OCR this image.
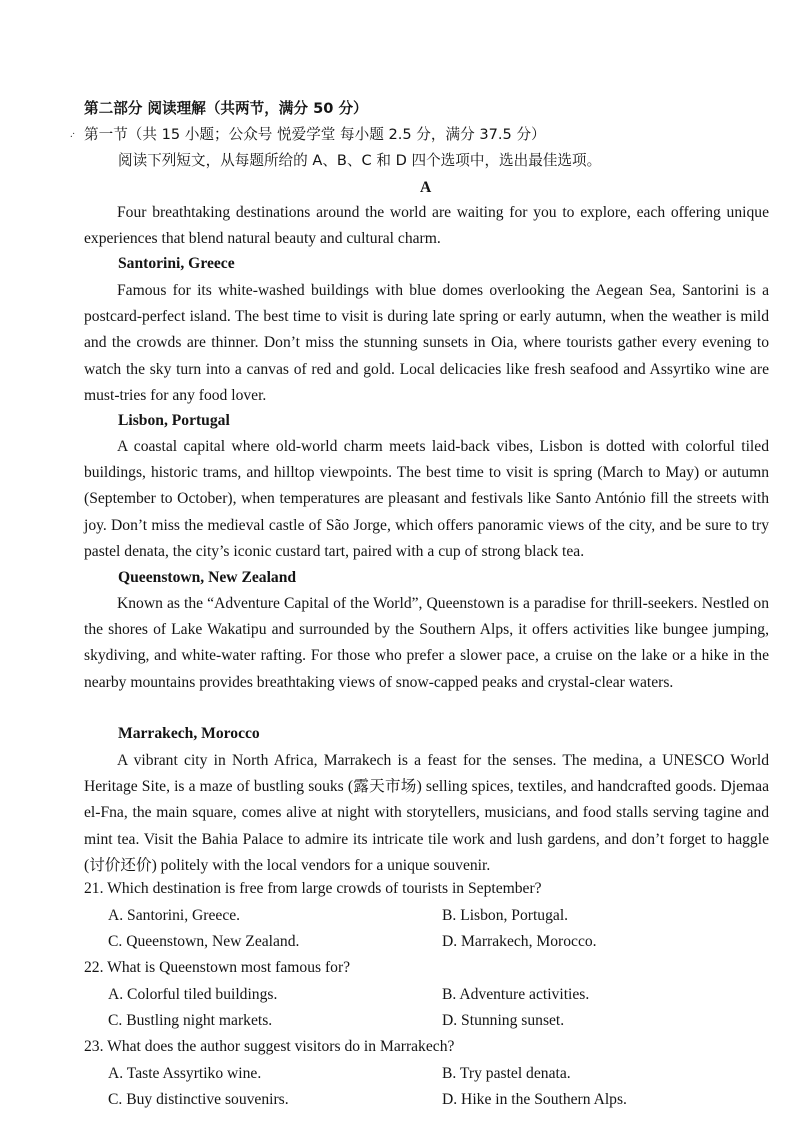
第二部分 阅读理解（共两节，满分 50 分）
.· 第一节（共 15 小题；公众号 悦爱学堂 每小题 2.5 分，满分 37.5 分）
阅读下列短文，从每题所给的 A、B、C 和 D 四个选项中，选出最佳选项。
A

Four breathtaking destinations around the world are waiting for you to explore, each offering unique experiences that blend natural beauty and cultural charm.

Santorini, Greece

Famous for its white-washed buildings with blue domes overlooking the Aegean Sea, Santorini is a postcard-perfect island. The best time to visit is during late spring or early autumn, when the weather is mild and the crowds are thinner. Don’t miss the stunning sunsets in Oia, where tourists gather every evening to watch the sky turn into a canvas of red and gold. Local delicacies like fresh seafood and Assyrtiko wine are must-tries for any food lover.

Lisbon, Portugal

A coastal capital where old-world charm meets laid-back vibes, Lisbon is dotted with colorful tiled buildings, historic trams, and hilltop viewpoints. The best time to visit is spring (March to May) or autumn (September to October), when temperatures are pleasant and festivals like Santo António fill the streets with joy. Don’t miss the medieval castle of São Jorge, which offers panoramic views of the city, and be sure to try pastel denata, the city’s iconic custard tart, paired with a cup of strong black tea.

Queenstown, New Zealand

Known as the “Adventure Capital of the World”, Queenstown is a paradise for thrill-seekers. Nestled on the shores of Lake Wakatipu and surrounded by the Southern Alps, it offers activities like bungee jumping, skydiving, and white-water rafting. For those who prefer a slower pace, a cruise on the lake or a hike in the nearby mountains provides breathtaking views of snow-capped peaks and crystal-clear waters.

Marrakech, Morocco

A vibrant city in North Africa, Marrakech is a feast for the senses. The medina, a UNESCO World Heritage Site, is a maze of bustling souks (露天市场) selling spices, textiles, and handcrafted goods. Djemaa el-Fna, the main square, comes alive at night with storytellers, musicians, and food stalls serving tagine and mint tea. Visit the Bahia Palace to admire its intricate tile work and lush gardens, and don’t forget to haggle (讨价还价) politely with the local vendors for a unique souvenir.

21. Which destination is free from large crowds of tourists in September?
A. Santorini, Greece.	B. Lisbon, Portugal.
C. Queenstown, New Zealand.	D. Marrakech, Morocco.
22. What is Queenstown most famous for?
A. Colorful tiled buildings.	B. Adventure activities.
C. Bustling night markets.	D. Stunning sunset.
23. What does the author suggest visitors do in Marrakech?
A. Taste Assyrtiko wine.	B. Try pastel denata.
C. Buy distinctive souvenirs.	D. Hike in the Southern Alps.
